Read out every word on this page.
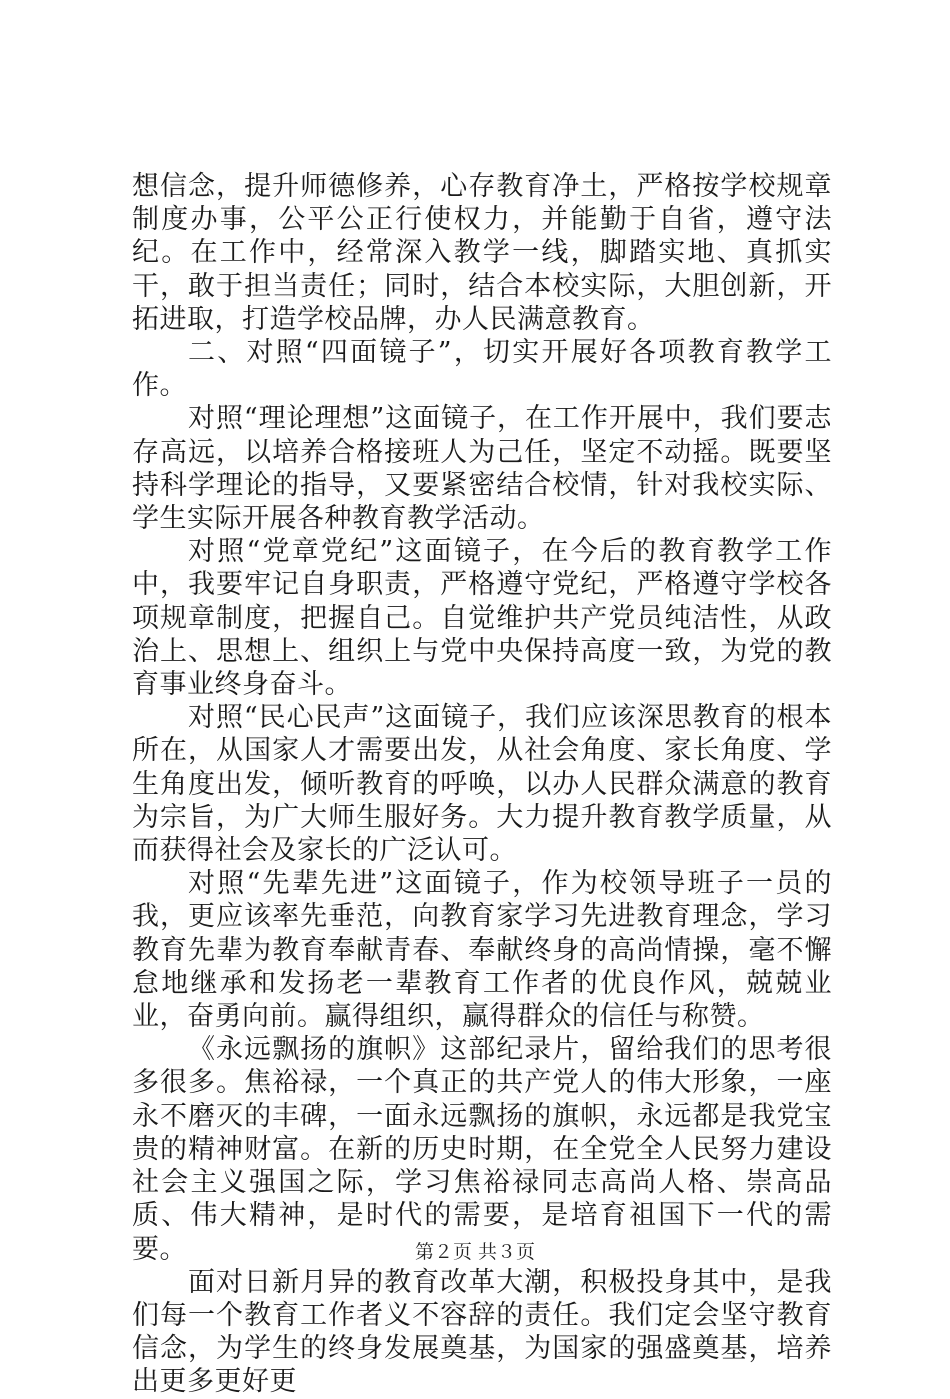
想信念，提升师德修养，心存教育净土，严格按学校规章制度办事，公平公正行使权力，并能勤于自省，遵守法纪。在工作中，经常深入教学一线，脚踏实地、真抓实干，敢于担当责任；同时，结合本校实际，大胆创新，开拓进取，打造学校品牌，办人民满意教育。

二、对照“四面镜子”，切实开展好各项教育教学工作。

对照“理论理想”这面镜子，在工作开展中，我们要志存高远，以培养合格接班人为己任，坚定不动摇。既要坚持科学理论的指导，又要紧密结合校情，针对我校实际、学生实际开展各种教育教学活动。

对照“党章党纪”这面镜子，在今后的教育教学工作中，我要牢记自身职责，严格遵守党纪，严格遵守学校各项规章制度，把握自己。自觉维护共产党员纯洁性，从政治上、思想上、组织上与党中央保持高度一致，为党的教育事业终身奋斗。

对照“民心民声”这面镜子，我们应该深思教育的根本所在，从国家人才需要出发，从社会角度、家长角度、学生角度出发，倾听教育的呼唤，以办人民群众满意的教育为宗旨，为广大师生服好务。大力提升教育教学质量，从而获得社会及家长的广泛认可。

对照“先辈先进”这面镜子，作为校领导班子一员的我，更应该率先垂范，向教育家学习先进教育理念，学习教育先辈为教育奉献青春、奉献终身的高尚情操，毫不懈怠地继承和发扬老一辈教育工作者的优良作风，兢兢业业，奋勇向前。赢得组织，赢得群众的信任与称赞。

《永远飘扬的旗帜》这部纪录片，留给我们的思考很多很多。焦裕禄，一个真正的共产党人的伟大形象，一座永不磨灭的丰碑，一面永远飘扬的旗帜，永远都是我党宝贵的精神财富。在新的历史时期，在全党全人民努力建设社会主义强国之际，学习焦裕禄同志高尚人格、崇高品质、伟大精神，是时代的需要，是培育祖国下一代的需要。

面对日新月异的教育改革大潮，积极投身其中，是我们每一个教育工作者义不容辞的责任。我们定会坚守教育信念，为学生的终身发展奠基，为国家的强盛奠基，培养出更多更好更

第２页 共３页
